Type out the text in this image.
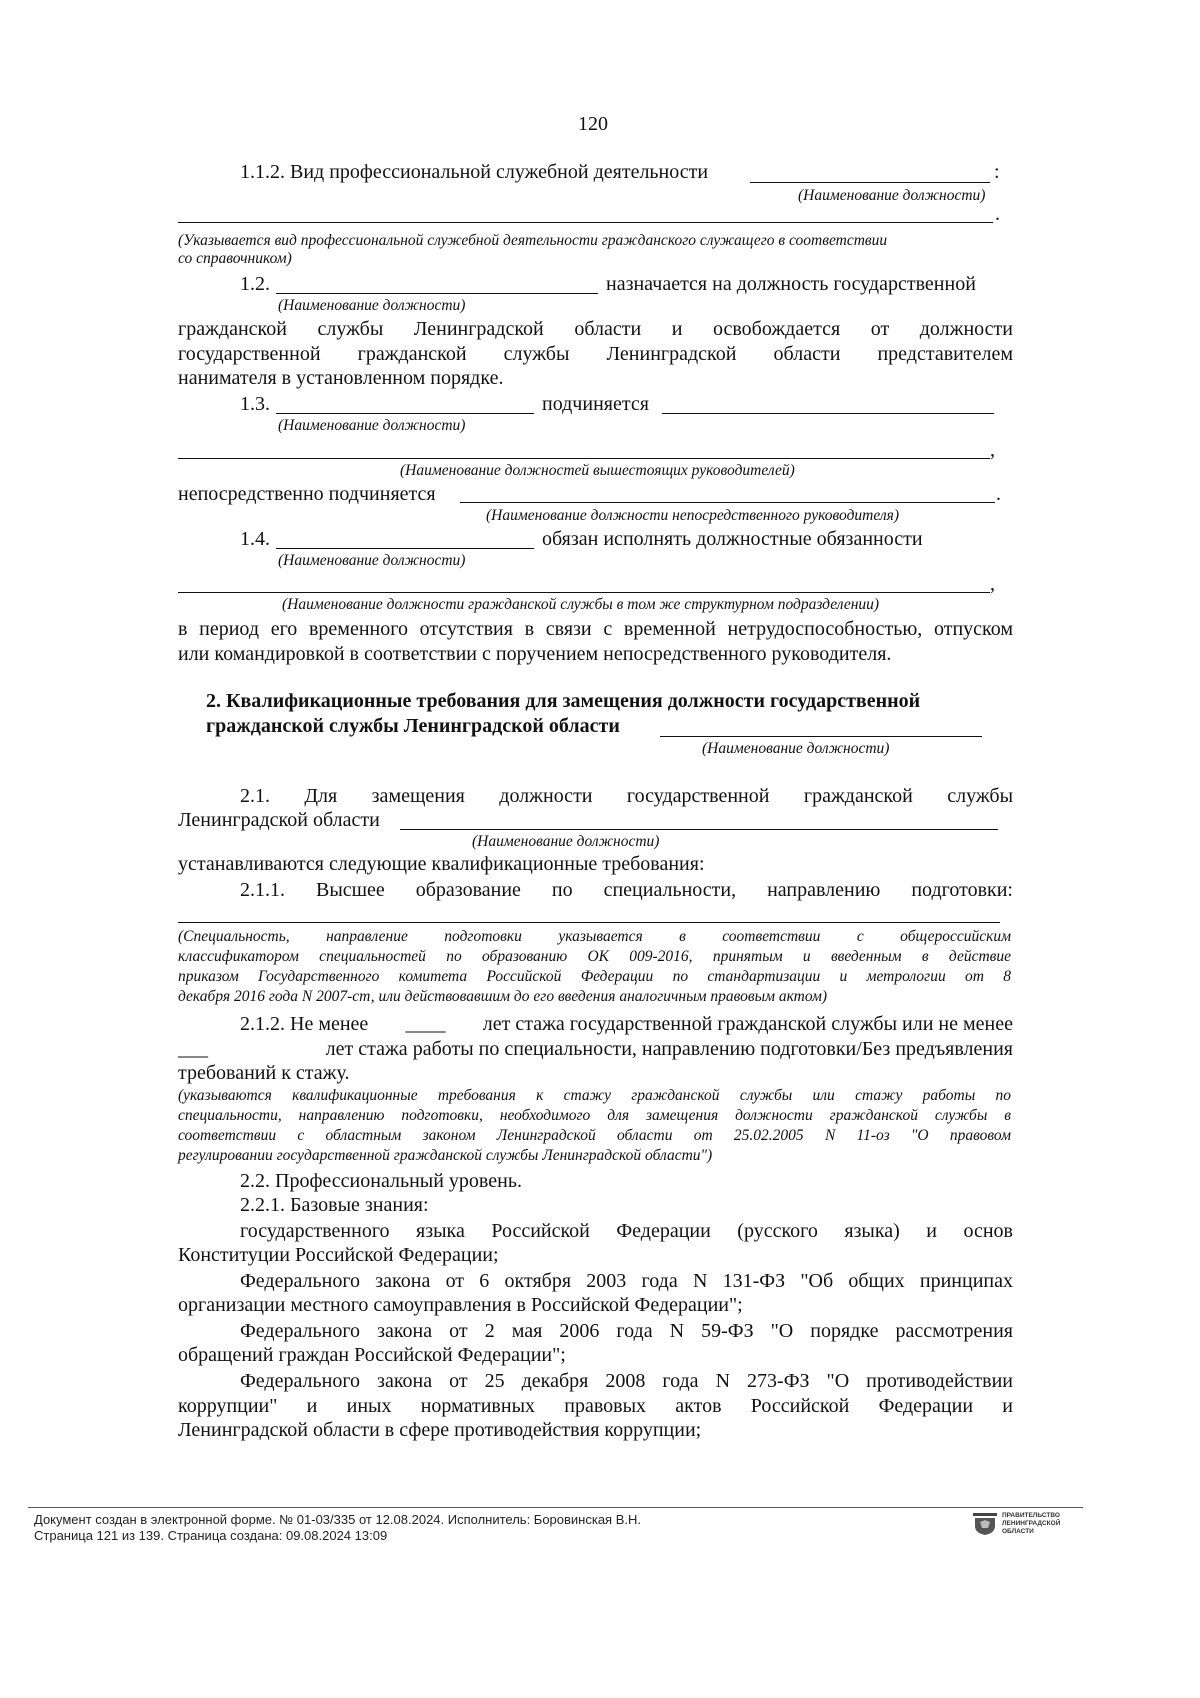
120
1.1.2. Вид профессиональной служебной деятельности	:
(Наименование должности)
.
(Указывается вид профессиональной служебной деятельности гражданского служащего в соответствии
со справочником)
1.2.	назначается на должность государственной
(Наименование должности)
гражданской службы Ленинградской области и освобождается от должности
государственной гражданской службы Ленинградской области представителем
нанимателя в установленном порядке.
1.3.	подчиняется
(Наименование должности)
,
(Наименование должностей вышестоящих руководителей)
непосредственно подчиняется	.
(Наименование должности непосредственного руководителя)
1.4.	обязан исполнять должностные обязанности
(Наименование должности)
,
(Наименование должности гражданской службы в том же структурном подразделении)
в период его временного отсутствия в связи с временной нетрудоспособностью, отпуском
или командировкой в соответствии с поручением непосредственного руководителя.
2. Квалификационные требования для замещения должности государственной
гражданской службы Ленинградской области
(Наименование должности)
2.1. Для замещения должности государственной гражданской службы
Ленинградской области
(Наименование должности)
устанавливаются следующие квалификационные требования:
2.1.1. Высшее образование по специальности, направлению подготовки:
(Специальность, направление подготовки указывается в соответствии с общероссийским
классификатором специальностей по образованию ОК 009-2016, принятым и введенным в действие
приказом Государственного комитета Российской Федерации по стандартизации и метрологии от 8
декабря 2016 года N 2007-ст, или действовавшим до его введения аналогичным правовым актом)
2.1.2. Не менее ____ лет стажа государственной гражданской службы или не менее
___	лет стажа работы по специальности, направлению подготовки/Без предъявления
требований к стажу.
(указываются квалификационные требования к стажу гражданской службы или стажу работы по
специальности, направлению подготовки, необходимого для замещения должности гражданской службы в
соответствии с областным законом Ленинградской области от 25.02.2005 N 11-оз "О правовом
регулировании государственной гражданской службы Ленинградской области")
2.2. Профессиональный уровень.
2.2.1. Базовые знания:
государственного языка Российской Федерации (русского языка) и основ
Конституции Российской Федерации;
Федерального закона от 6 октября 2003 года N 131-ФЗ "Об общих принципах
организации местного самоуправления в Российской Федерации";
Федерального закона от 2 мая 2006 года N 59-ФЗ "О порядке рассмотрения
обращений граждан Российской Федерации";
Федерального закона от 25 декабря 2008 года N 273-ФЗ "О противодействии
коррупции" и иных нормативных правовых актов Российской Федерации и
Ленинградской области в сфере противодействия коррупции;
Документ создан в электронной форме. № 01-03/335 от 12.08.2024. Исполнитель: Боровинская В.Н.
Страница 121 из 139. Страница создана: 09.08.2024 13:09
ПРАВИТЕЛЬСТВО
ЛЕНИНГРАДСКОЙ
ОБЛАСТИ
